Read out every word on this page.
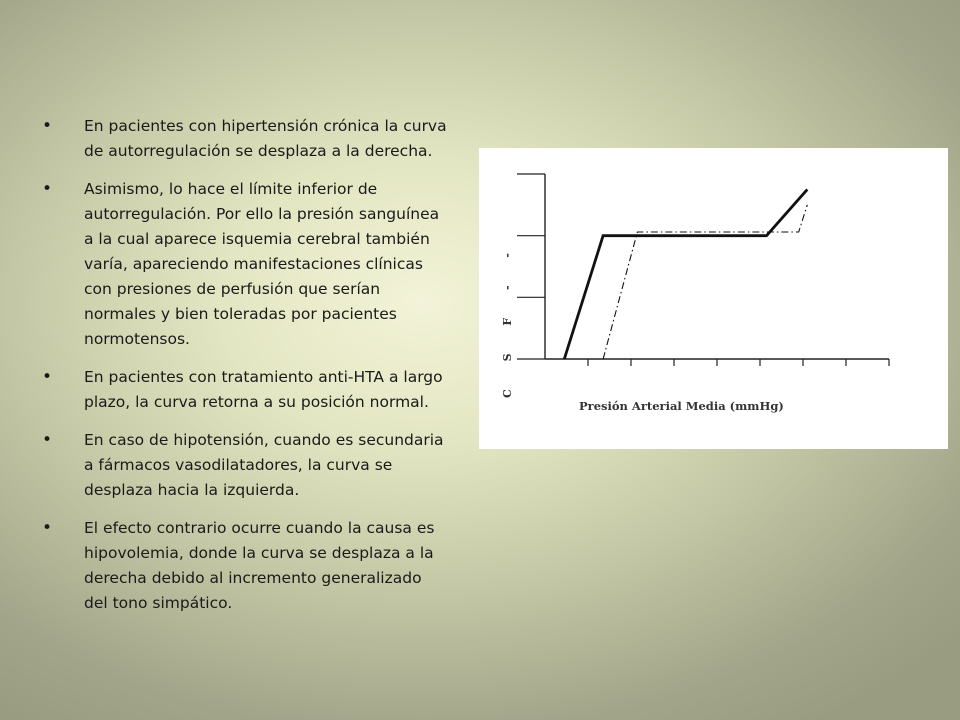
• En pacientes con hipertensión crónica la curva de autorregulación se desplaza a la derecha.
• Asimismo, lo hace el límite inferior de autorregulación. Por ello la presión sanguínea a la cual aparece isquemia cerebral también varía, apareciendo manifestaciones clínicas con presiones de perfusión que serían normales y bien toleradas por pacientes normotensos.
• En pacientes con tratamiento anti-HTA a largo plazo, la curva retorna a su posición normal.
• En caso de hipotensión, cuando es secundaria a fármacos vasodilatadores, la curva se desplaza hacia la izquierda.
• El efecto contrario ocurre cuando la causa es hipovolemia, donde la curva se desplaza a la derecha debido al incremento generalizado del tono simpático.
C S F - -
Presión Arterial Media (mmHg)
